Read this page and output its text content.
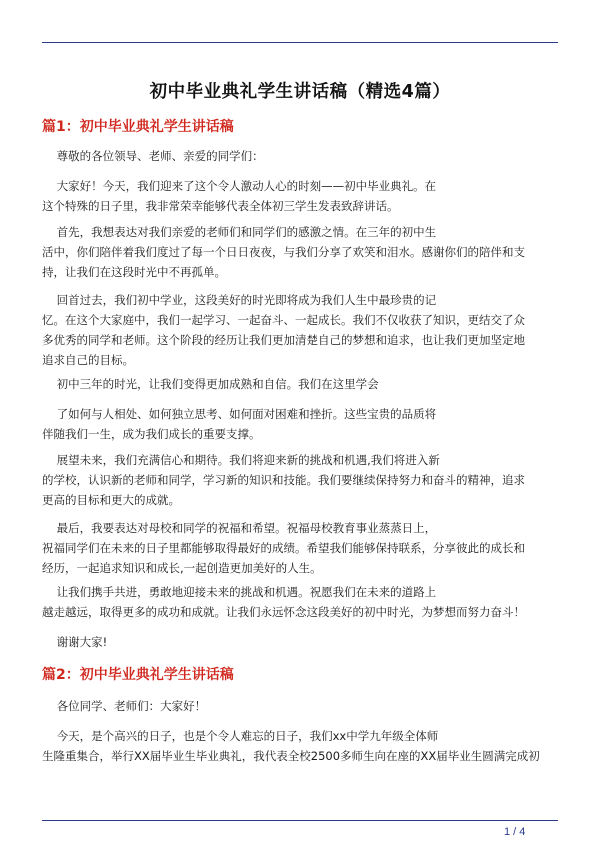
初中毕业典礼学生讲话稿（精选4篇）
篇1：初中毕业典礼学生讲话稿
尊敬的各位领导、老师、亲爱的同学们：
大家好！今天，我们迎来了这个令人激动人心的时刻——初中毕业典礼。在
这个特殊的日子里，我非常荣幸能够代表全体初三学生发表致辞讲话。
首先，我想表达对我们亲爱的老师们和同学们的感激之情。在三年的初中生
活中，你们陪伴着我们度过了每一个日日夜夜，与我们分享了欢笑和泪水。感谢你们的陪伴和支
持，让我们在这段时光中不再孤单。
回首过去，我们初中学业，这段美好的时光即将成为我们人生中最珍贵的记
忆。在这个大家庭中，我们一起学习、一起奋斗、一起成长。我们不仅收获了知识，更结交了众
多优秀的同学和老师。这个阶段的经历让我们更加清楚自己的梦想和追求，也让我们更加坚定地
追求自己的目标。
初中三年的时光，让我们变得更加成熟和自信。我们在这里学会
了如何与人相处、如何独立思考、如何面对困难和挫折。这些宝贵的品质将
伴随我们一生，成为我们成长的重要支撑。
展望未来，我们充满信心和期待。我们将迎来新的挑战和机遇,我们将进入新
的学校，认识新的老师和同学，学习新的知识和技能。我们要继续保持努力和奋斗的精神，追求
更高的目标和更大的成就。
最后，我要表达对母校和同学的祝福和希望。祝福母校教育事业蒸蒸日上，
祝福同学们在未来的日子里都能够取得最好的成绩。希望我们能够保持联系，分享彼此的成长和
经历，一起追求知识和成长,一起创造更加美好的人生。
让我们携手共进，勇敢地迎接未来的挑战和机遇。祝愿我们在未来的道路上
越走越远，取得更多的成功和成就。让我们永远怀念这段美好的初中时光，为梦想而努力奋斗！
谢谢大家!
篇2：初中毕业典礼学生讲话稿
各位同学、老师们：大家好！
今天，是个高兴的日子，也是个令人难忘的日子，我们xx中学九年级全体师
生隆重集合，举行XX届毕业生毕业典礼，我代表全校2500多师生向在座的XX届毕业生圆满完成初
1 / 4
